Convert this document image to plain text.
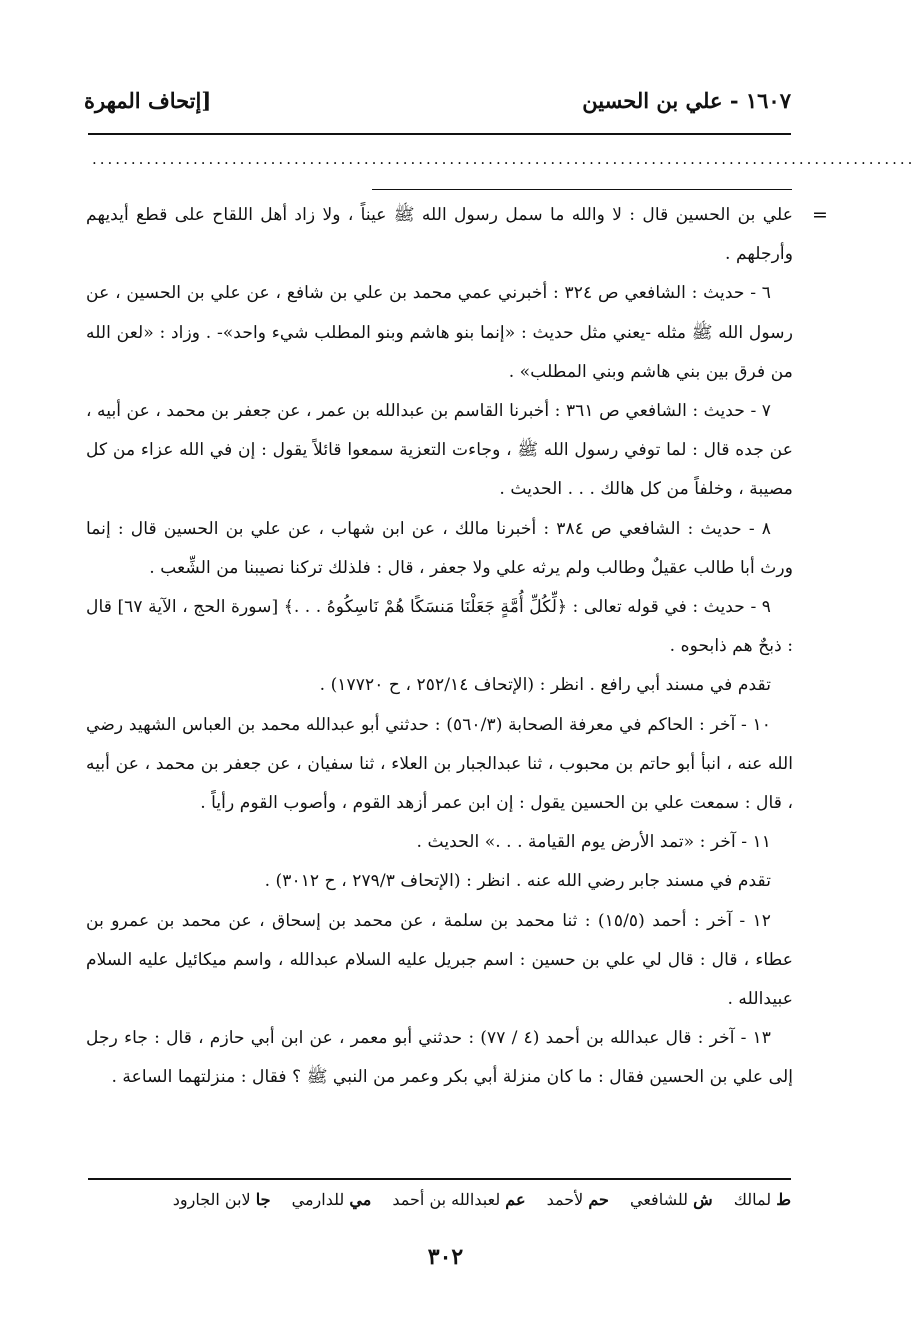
١٦٠٧ - علي بن الحسين
[إتحاف المهرة
..........................................................................................................
=

علي بن الحسين قال : لا والله ما سمل رسول الله ﷺ عيناً ، ولا زاد أهل اللقاح على قطع أيديهم وأرجلهم .

٦ - حديث : الشافعي ص ٣٢٤ : أخبرني عمي محمد بن علي بن شافع ، عن علي بن الحسين ، عن رسول الله ﷺ مثله -يعني مثل حديث : «إنما بنو هاشم وبنو المطلب شيء واحد»- . وزاد : «لعن الله من فرق بين بني هاشم وبني المطلب» .

٧ - حديث : الشافعي ص ٣٦١ : أخبرنا القاسم بن عبدالله بن عمر ، عن جعفر بن محمد ، عن أبيه ، عن جده قال : لما توفي رسول الله ﷺ ، وجاءت التعزية سمعوا قائلاً يقول : إن في الله عزاء من كل مصيبة ، وخلفاً من كل هالك . . . الحديث .

٨ - حديث : الشافعي ص ٣٨٤ : أخبرنا مالك ، عن ابن شهاب ، عن علي بن الحسين قال : إنما ورث أبا طالب عقيلٌ وطالب ولم يرثه علي ولا جعفر ، قال : فلذلك تركنا نصيبنا من الشِّعب .

٩ - حديث : في قوله تعالى : ﴿لِّكُلِّ أُمَّةٍ جَعَلْنَا مَنسَكًا هُمْ نَاسِكُوهُ . . .﴾ [سورة الحج ، الآية ٦٧] قال : ذبحٌ هم ذابحوه .

تقدم في مسند أبي رافع . انظر : (الإتحاف ٢٥٢/١٤ ، ح ١٧٧٢٠) .

١٠ - آخر : الحاكم في معرفة الصحابة (٥٦٠/٣) : حدثني أبو عبدالله محمد بن العباس الشهيد رضي الله عنه ، انبأ أبو حاتم بن محبوب ، ثنا عبدالجبار بن العلاء ، ثنا سفيان ، عن جعفر بن محمد ، عن أبيه ، قال : سمعت علي بن الحسين يقول : إن ابن عمر أزهد القوم ، وأصوب القوم رأياً .

١١ - آخر : «تمد الأرض يوم القيامة . . .» الحديث .

تقدم في مسند جابر رضي الله عنه . انظر : (الإتحاف ٢٧٩/٣ ، ح ٣٠١٢) .

١٢ - آخر : أحمد (١٥/٥) : ثنا محمد بن سلمة ، عن محمد بن إسحاق ، عن محمد بن عمرو بن عطاء ، قال : قال لي علي بن حسين : اسم جبريل عليه السلام عبدالله ، واسم ميكائيل عليه السلام عبيدالله .

١٣ - آخر : قال عبدالله بن أحمد (٤ / ٧٧) : حدثني أبو معمر ، عن ابن أبي حازم ، قال : جاء رجل إلى علي بن الحسين فقال : ما كان منزلة أبي بكر وعمر من النبي ﷺ ؟ فقال : منزلتهما الساعة .

ط لمالك ش للشافعي حم لأحمد عم لعبدالله بن أحمد مي للدارمي جا لابن الجارود
٣٠٢
